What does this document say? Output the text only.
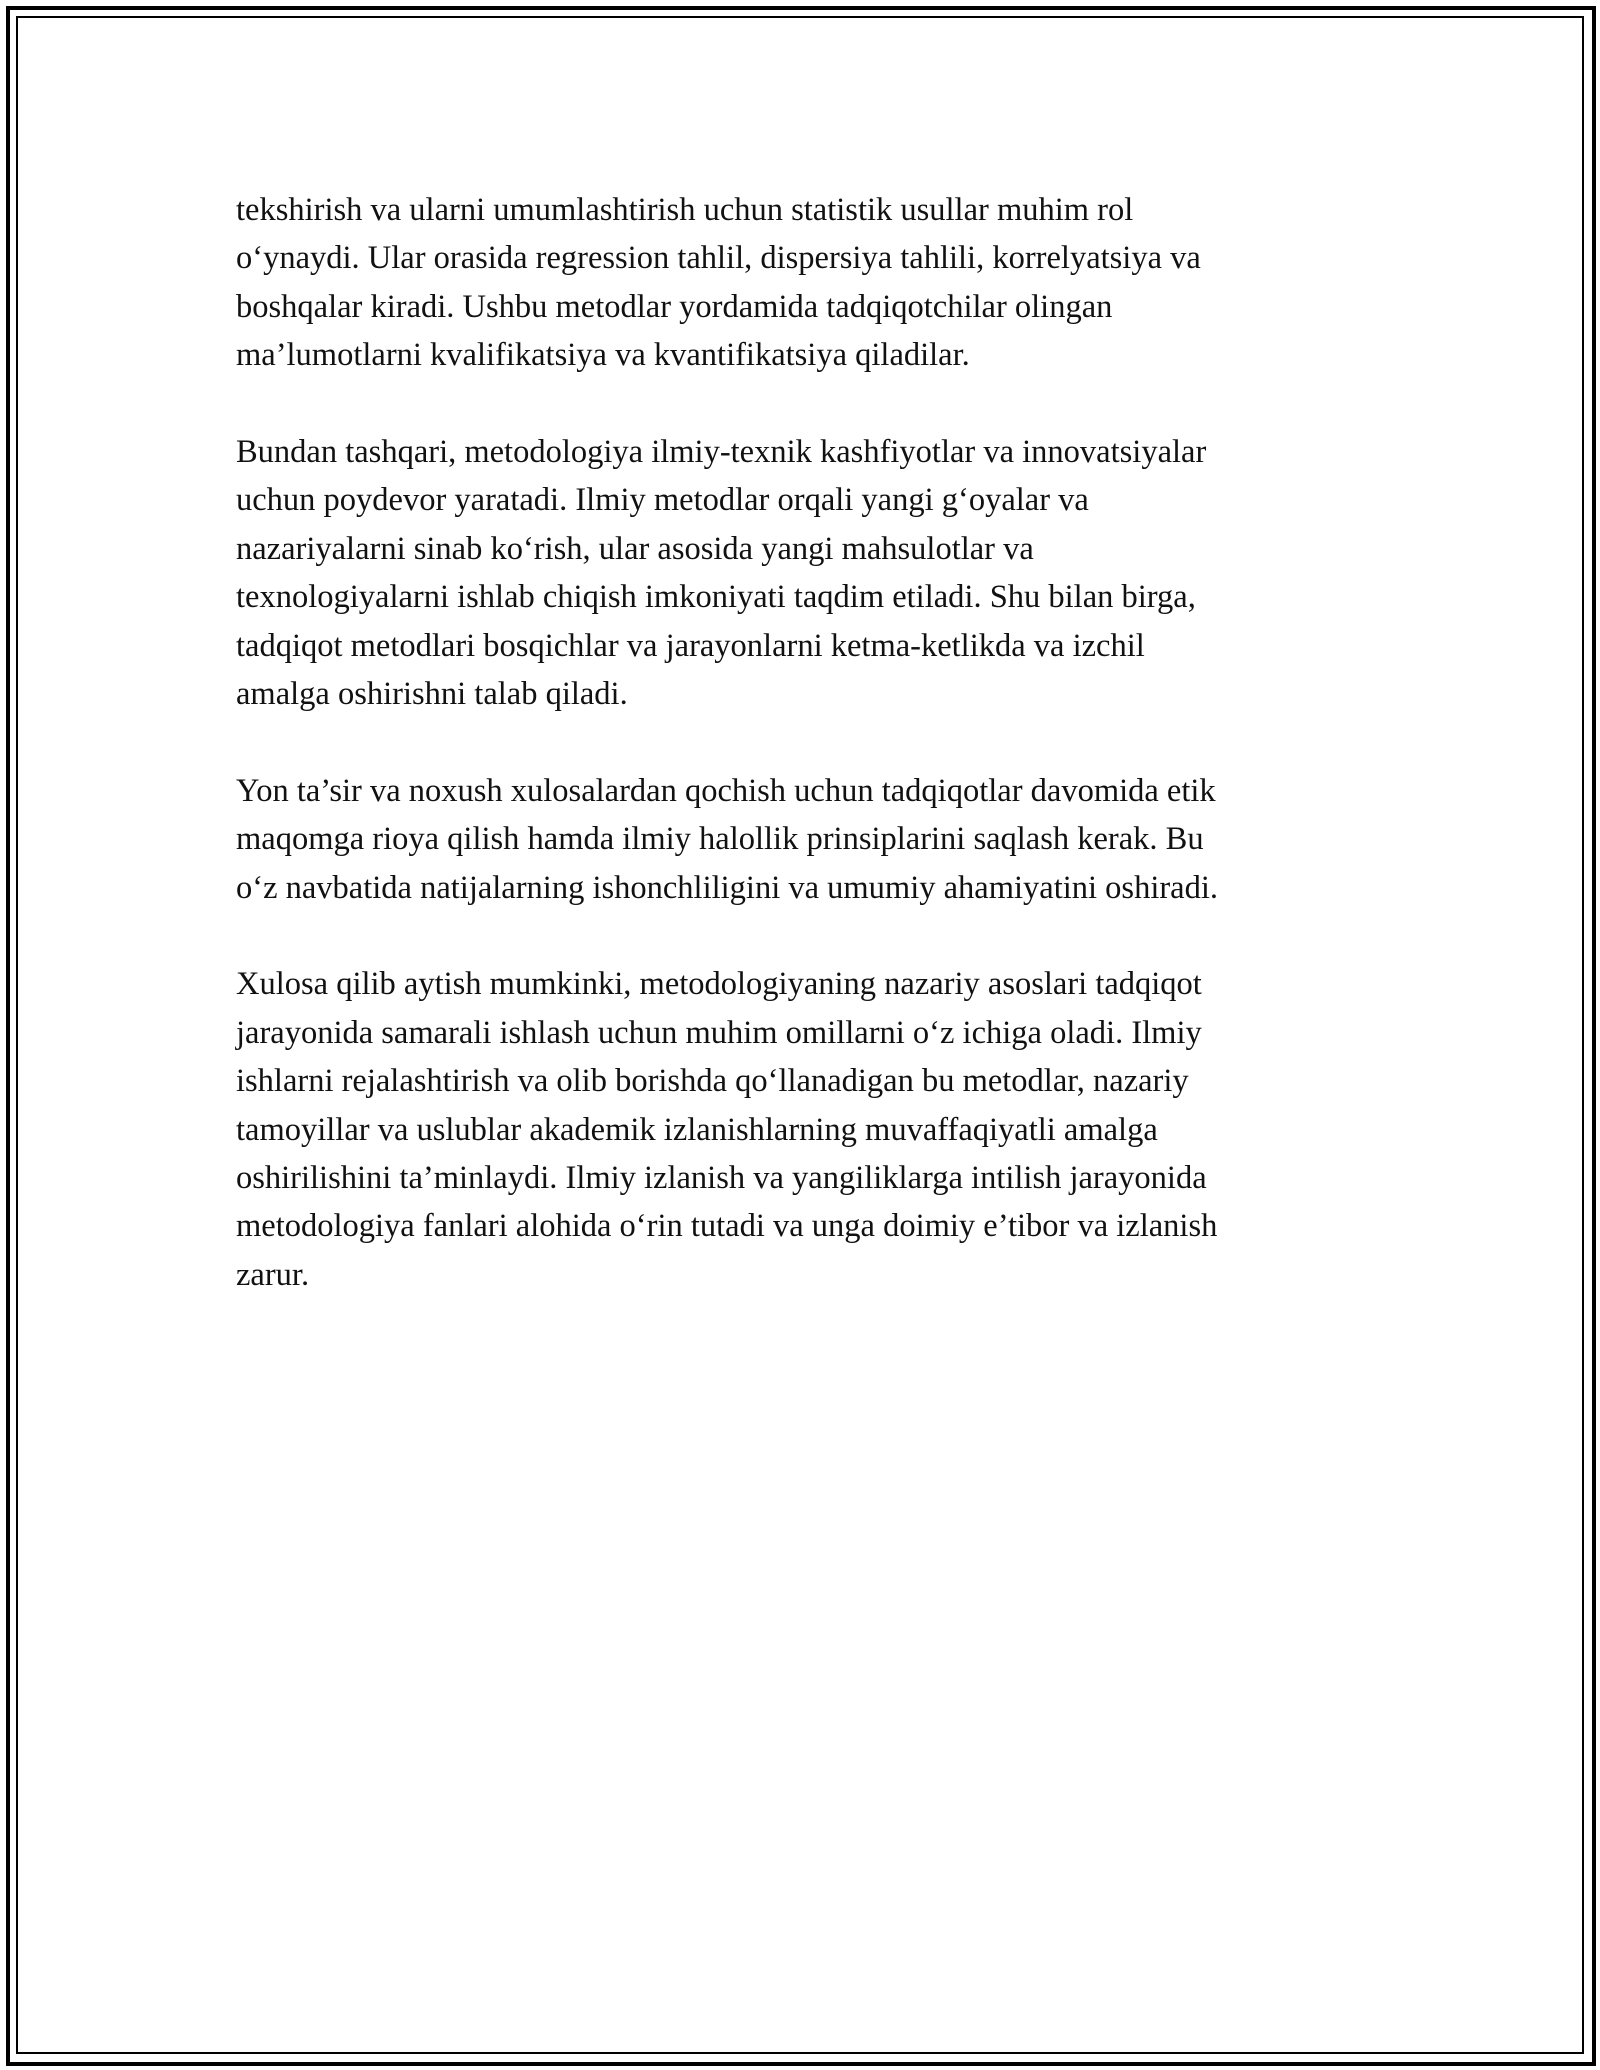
tekshirish va ularni umumlashtirish uchun statistik usullar muhim rol
o‘ynaydi. Ular orasida regression tahlil, dispersiya tahlili, korrelyatsiya va
boshqalar kiradi. Ushbu metodlar yordamida tadqiqotchilar olingan
ma’lumotlarni kvalifikatsiya va kvantifikatsiya qiladilar.

Bundan tashqari, metodologiya ilmiy-texnik kashfiyotlar va innovatsiyalar
uchun poydevor yaratadi. Ilmiy metodlar orqali yangi g‘oyalar va
nazariyalarni sinab ko‘rish, ular asosida yangi mahsulotlar va
texnologiyalarni ishlab chiqish imkoniyati taqdim etiladi. Shu bilan birga,
tadqiqot metodlari bosqichlar va jarayonlarni ketma-ketlikda va izchil
amalga oshirishni talab qiladi.

Yon ta’sir va noxush xulosalardan qochish uchun tadqiqotlar davomida etik
maqomga rioya qilish hamda ilmiy halollik prinsiplarini saqlash kerak. Bu
o‘z navbatida natijalarning ishonchliligini va umumiy ahamiyatini oshiradi.

Xulosa qilib aytish mumkinki, metodologiyaning nazariy asoslari tadqiqot
jarayonida samarali ishlash uchun muhim omillarni o‘z ichiga oladi. Ilmiy
ishlarni rejalashtirish va olib borishda qo‘llanadigan bu metodlar, nazariy
tamoyillar va uslublar akademik izlanishlarning muvaffaqiyatli amalga
oshirilishini ta’minlaydi. Ilmiy izlanish va yangiliklarga intilish jarayonida
metodologiya fanlari alohida o‘rin tutadi va unga doimiy e’tibor va izlanish
zarur.
